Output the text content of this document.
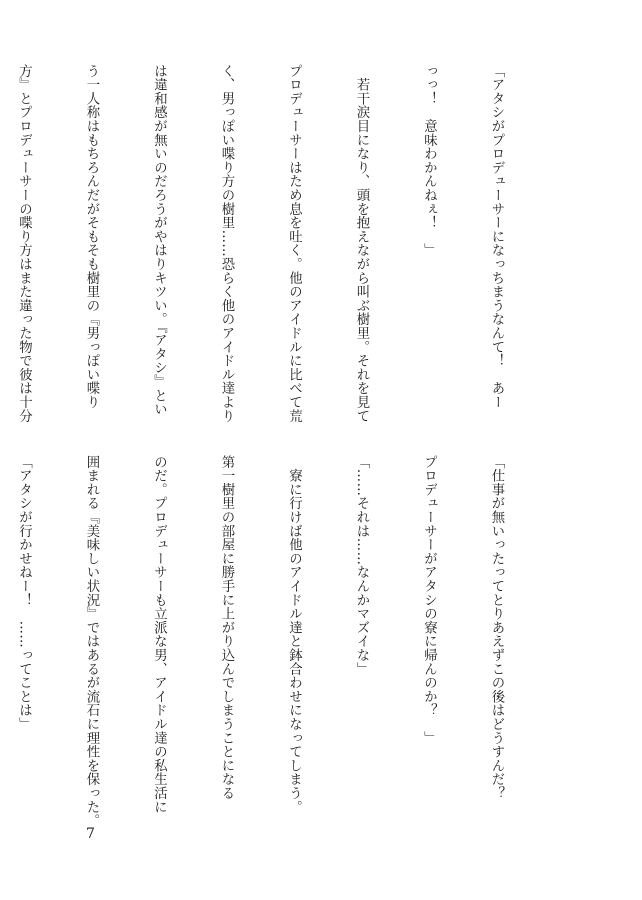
「アタシがプロデューサーになっちまうなんて！　あー

っっ！　意味わかんねぇ！　」

　若干涙目になり、頭を抱えながら叫ぶ樹里。それを見て

プロデューサーはため息を吐く。他のアイドルに比べて荒

く、男っぽい喋り方の樹里……恐らく他のアイドル達より

は違和感が無いのだろうがやはりキツい。『アタシ』とい

う一人称はもちろんだがそもそも樹里の『男っぽい喋り

方』とプロデューサーの喋り方はまた違った物で彼は十分

「仕事が無いったってとりあえずこの後はどうすんだ？

プロデューサーがアタシの寮に帰んのか？　」

「……それは……なんかマズイな」

　寮に行けば他のアイドル達と鉢合わせになってしまう。

第一樹里の部屋に勝手に上がり込んでしまうことになる

のだ。プロデューサーも立派な男、アイドル達の私生活に

囲まれる『美味しい状況』ではあるが流石に理性を保った。

「アタシが行かせねー！　……ってことは」

7
